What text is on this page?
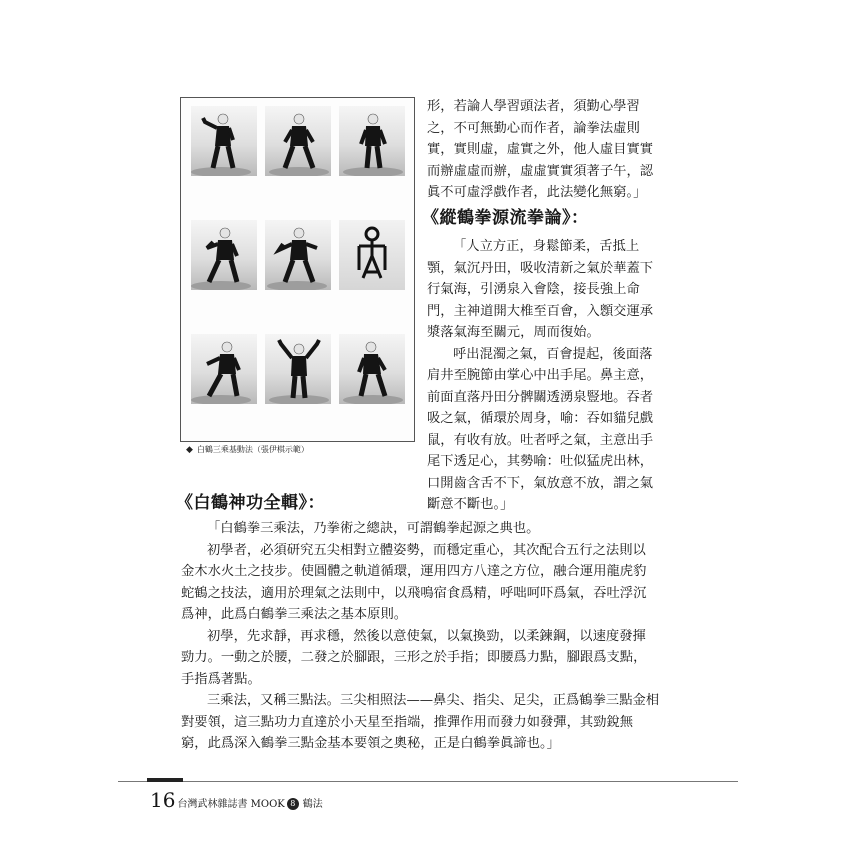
◆ 白鶴三乘基動法（張伊棋示範）

形，若論人學習頭法者，須勤心學習

之，不可無勤心而作者，論拳法虛則

實，實則虛，虛實之外，他人虛目實實

而辦虛虛而辦，虛虛實實須著子午，認

眞不可虛浮戲作者，此法變化無窮。」

《縱鶴拳源流拳論》：

「人立方正，身鬆節柔，舌抵上

顎，氣沉丹田，吸收清新之氣於華蓋下

行氣海，引湧泉入會陰，接長強上命

門，主神道開大椎至百會，入顖交運承

漿落氣海至關元，周而復始。

呼出混濁之氣，百會提起，後面落

肩井至腕節由掌心中出手尾。鼻主意，

前面直落丹田分髀關透湧泉豎地。吞者

吸之氣，循環於周身，喻：吞如貓兒戲

鼠，有收有放。吐者呼之氣，主意出手

尾下透足心，其勢喻：吐似猛虎出林，

口開齒含舌不下，氣放意不放，謂之氣

斷意不斷也。」

《白鶴神功全輯》：

「白鶴拳三乘法，乃拳術之總訣，可謂鶴拳起源之典也。

初學者，必須研究五尖相對立體姿勢，而穩定重心，其次配合五行之法則以

金木水火土之技步。使圓體之軌道循環，運用四方八達之方位，融合運用龍虎豹

蛇鶴之技法，適用於理氣之法則中，以飛鳴宿食爲精，呼咄呵吓爲氣，吞吐浮沉

爲神，此爲白鶴拳三乘法之基本原則。

初學，先求靜，再求穩，然後以意使氣，以氣換勁，以柔鍊鋼，以速度發揮

勁力。一動之於腰，二發之於腳跟，三形之於手指；即腰爲力點，腳跟爲支點，

手指爲著點。

三乘法，又稱三點法。三尖相照法——鼻尖、指尖、足尖，正爲鶴拳三點金相

對要領，這三點功力直達於小天星至指端，推彈作用而發力如發彈，其勁銳無

窮，此爲深入鶴拳三點金基本要領之奧秘，正是白鶴拳眞諦也。」

16 台灣武林雜誌書 MOOK 8 鶴法
